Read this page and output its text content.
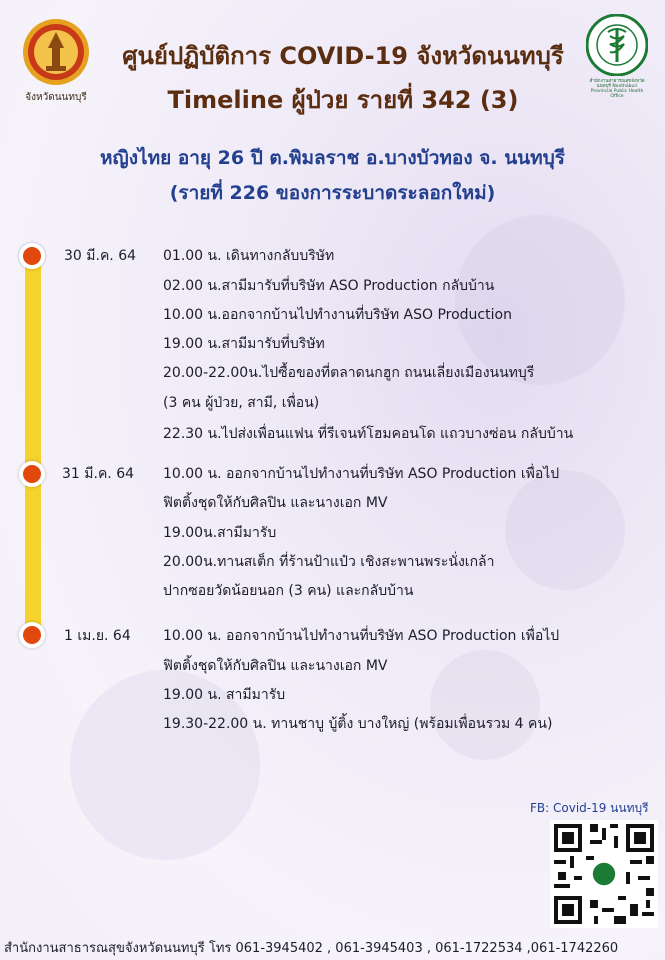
จังหวัดนนทบุรี
ศูนย์ปฏิบัติการ COVID-19 จังหวัดนนทบุรี
Timeline ผู้ป่วย รายที่ 342 (3)
สำนักงานสาธารณสุขจังหวัดนนทบุรี Nonthaburi Provincial Public Health Office
หญิงไทย อายุ 26 ปี ต.พิมลราช อ.บางบัวทอง จ. นนทบุรี
(รายที่ 226 ของการระบาดระลอกใหม่)
30 มี.ค. 64 01.00 น. เดินทางกลับบริษัท
02.00 น.สามีมารับที่บริษัท ASO Production กลับบ้าน
10.00 น.ออกจากบ้านไปทำงานที่บริษัท ASO Production
19.00 น.สามีมารับที่บริษัท
20.00-22.00น.ไปซื้อของที่ตลาดนกฮูก ถนนเลี่ยงเมืองนนทบุรี
(3 คน ผู้ป่วย, สามี, เพื่อน)
22.30 น.ไปส่งเพื่อนแฟน ที่รีเจนท์โฮมคอนโด แถวบางซ่อน กลับบ้าน
31 มี.ค. 64 10.00 น. ออกจากบ้านไปทำงานที่บริษัท ASO Production เพื่อไป
ฟิตติ้งชุดให้กับศิลปิน และนางเอก MV
19.00น.สามีมารับ
20.00น.ทานสเต็ก ที่ร้านป้าแป๋ว เชิงสะพานพระนั่งเกล้า
ปากซอยวัดน้อยนอก (3 คน) และกลับบ้าน
1 เม.ย. 64 10.00 น. ออกจากบ้านไปทำงานที่บริษัท ASO Production เพื่อไป
ฟิตติ้งชุดให้กับศิลปิน และนางเอก MV
19.00 น. สามีมารับ
19.30-22.00 น. ทานชาบู บู้ติ้ง บางใหญ่ (พร้อมเพื่อนรวม 4 คน)
FB: Covid-19 นนทบุรี
สำนักงานสาธารณสุขจังหวัดนนทบุรี โทร 061-3945402 , 061-3945403 , 061-1722534 ,061-1742260
